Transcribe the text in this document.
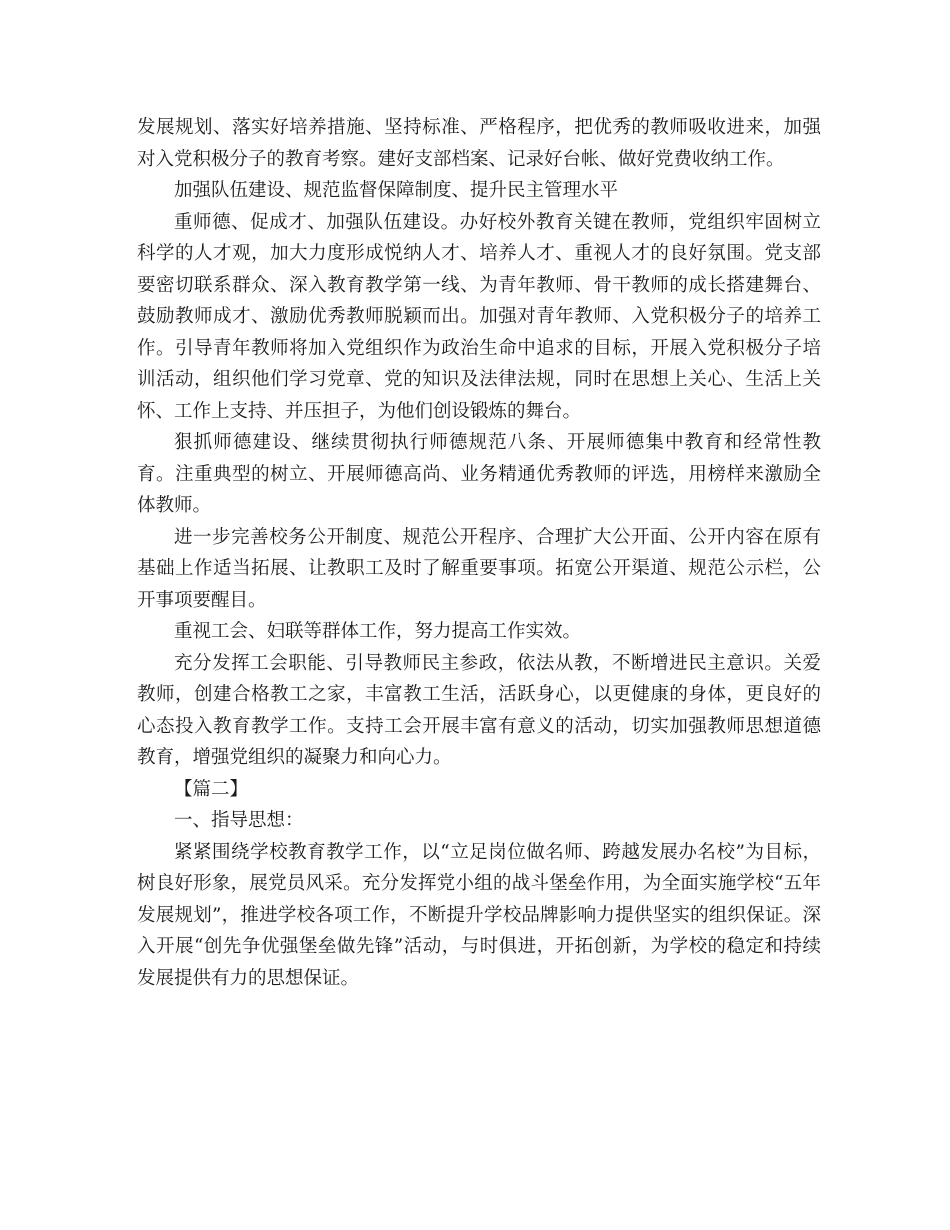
发展规划、落实好培养措施、坚持标准、严格程序，把优秀的教师吸收进来，加强对入党积极分子的教育考察。建好支部档案、记录好台帐、做好党费收纳工作。

加强队伍建设、规范监督保障制度、提升民主管理水平

重师德、促成才、加强队伍建设。办好校外教育关键在教师，党组织牢固树立科学的人才观，加大力度形成悦纳人才、培养人才、重视人才的良好氛围。党支部要密切联系群众、深入教育教学第一线、为青年教师、骨干教师的成长搭建舞台、鼓励教师成才、激励优秀教师脱颖而出。加强对青年教师、入党积极分子的培养工作。引导青年教师将加入党组织作为政治生命中追求的目标，开展入党积极分子培训活动，组织他们学习党章、党的知识及法律法规，同时在思想上关心、生活上关怀、工作上支持、并压担子，为他们创设锻炼的舞台。

狠抓师德建设、继续贯彻执行师德规范八条、开展师德集中教育和经常性教育。注重典型的树立、开展师德高尚、业务精通优秀教师的评选，用榜样来激励全体教师。

进一步完善校务公开制度、规范公开程序、合理扩大公开面、公开内容在原有基础上作适当拓展、让教职工及时了解重要事项。拓宽公开渠道、规范公示栏，公开事项要醒目。

重视工会、妇联等群体工作，努力提高工作实效。

充分发挥工会职能、引导教师民主参政，依法从教，不断增进民主意识。关爱教师，创建合格教工之家，丰富教工生活，活跃身心，以更健康的身体，更良好的心态投入教育教学工作。支持工会开展丰富有意义的活动，切实加强教师思想道德教育，增强党组织的凝聚力和向心力。

【篇二】

一、指导思想：

紧紧围绕学校教育教学工作，以“立足岗位做名师、跨越发展办名校”为目标，树良好形象，展党员风采。充分发挥党小组的战斗堡垒作用，为全面实施学校“五年发展规划”，推进学校各项工作，不断提升学校品牌影响力提供坚实的组织保证。深入开展“创先争优强堡垒做先锋”活动，与时俱进，开拓创新，为学校的稳定和持续发展提供有力的思想保证。
